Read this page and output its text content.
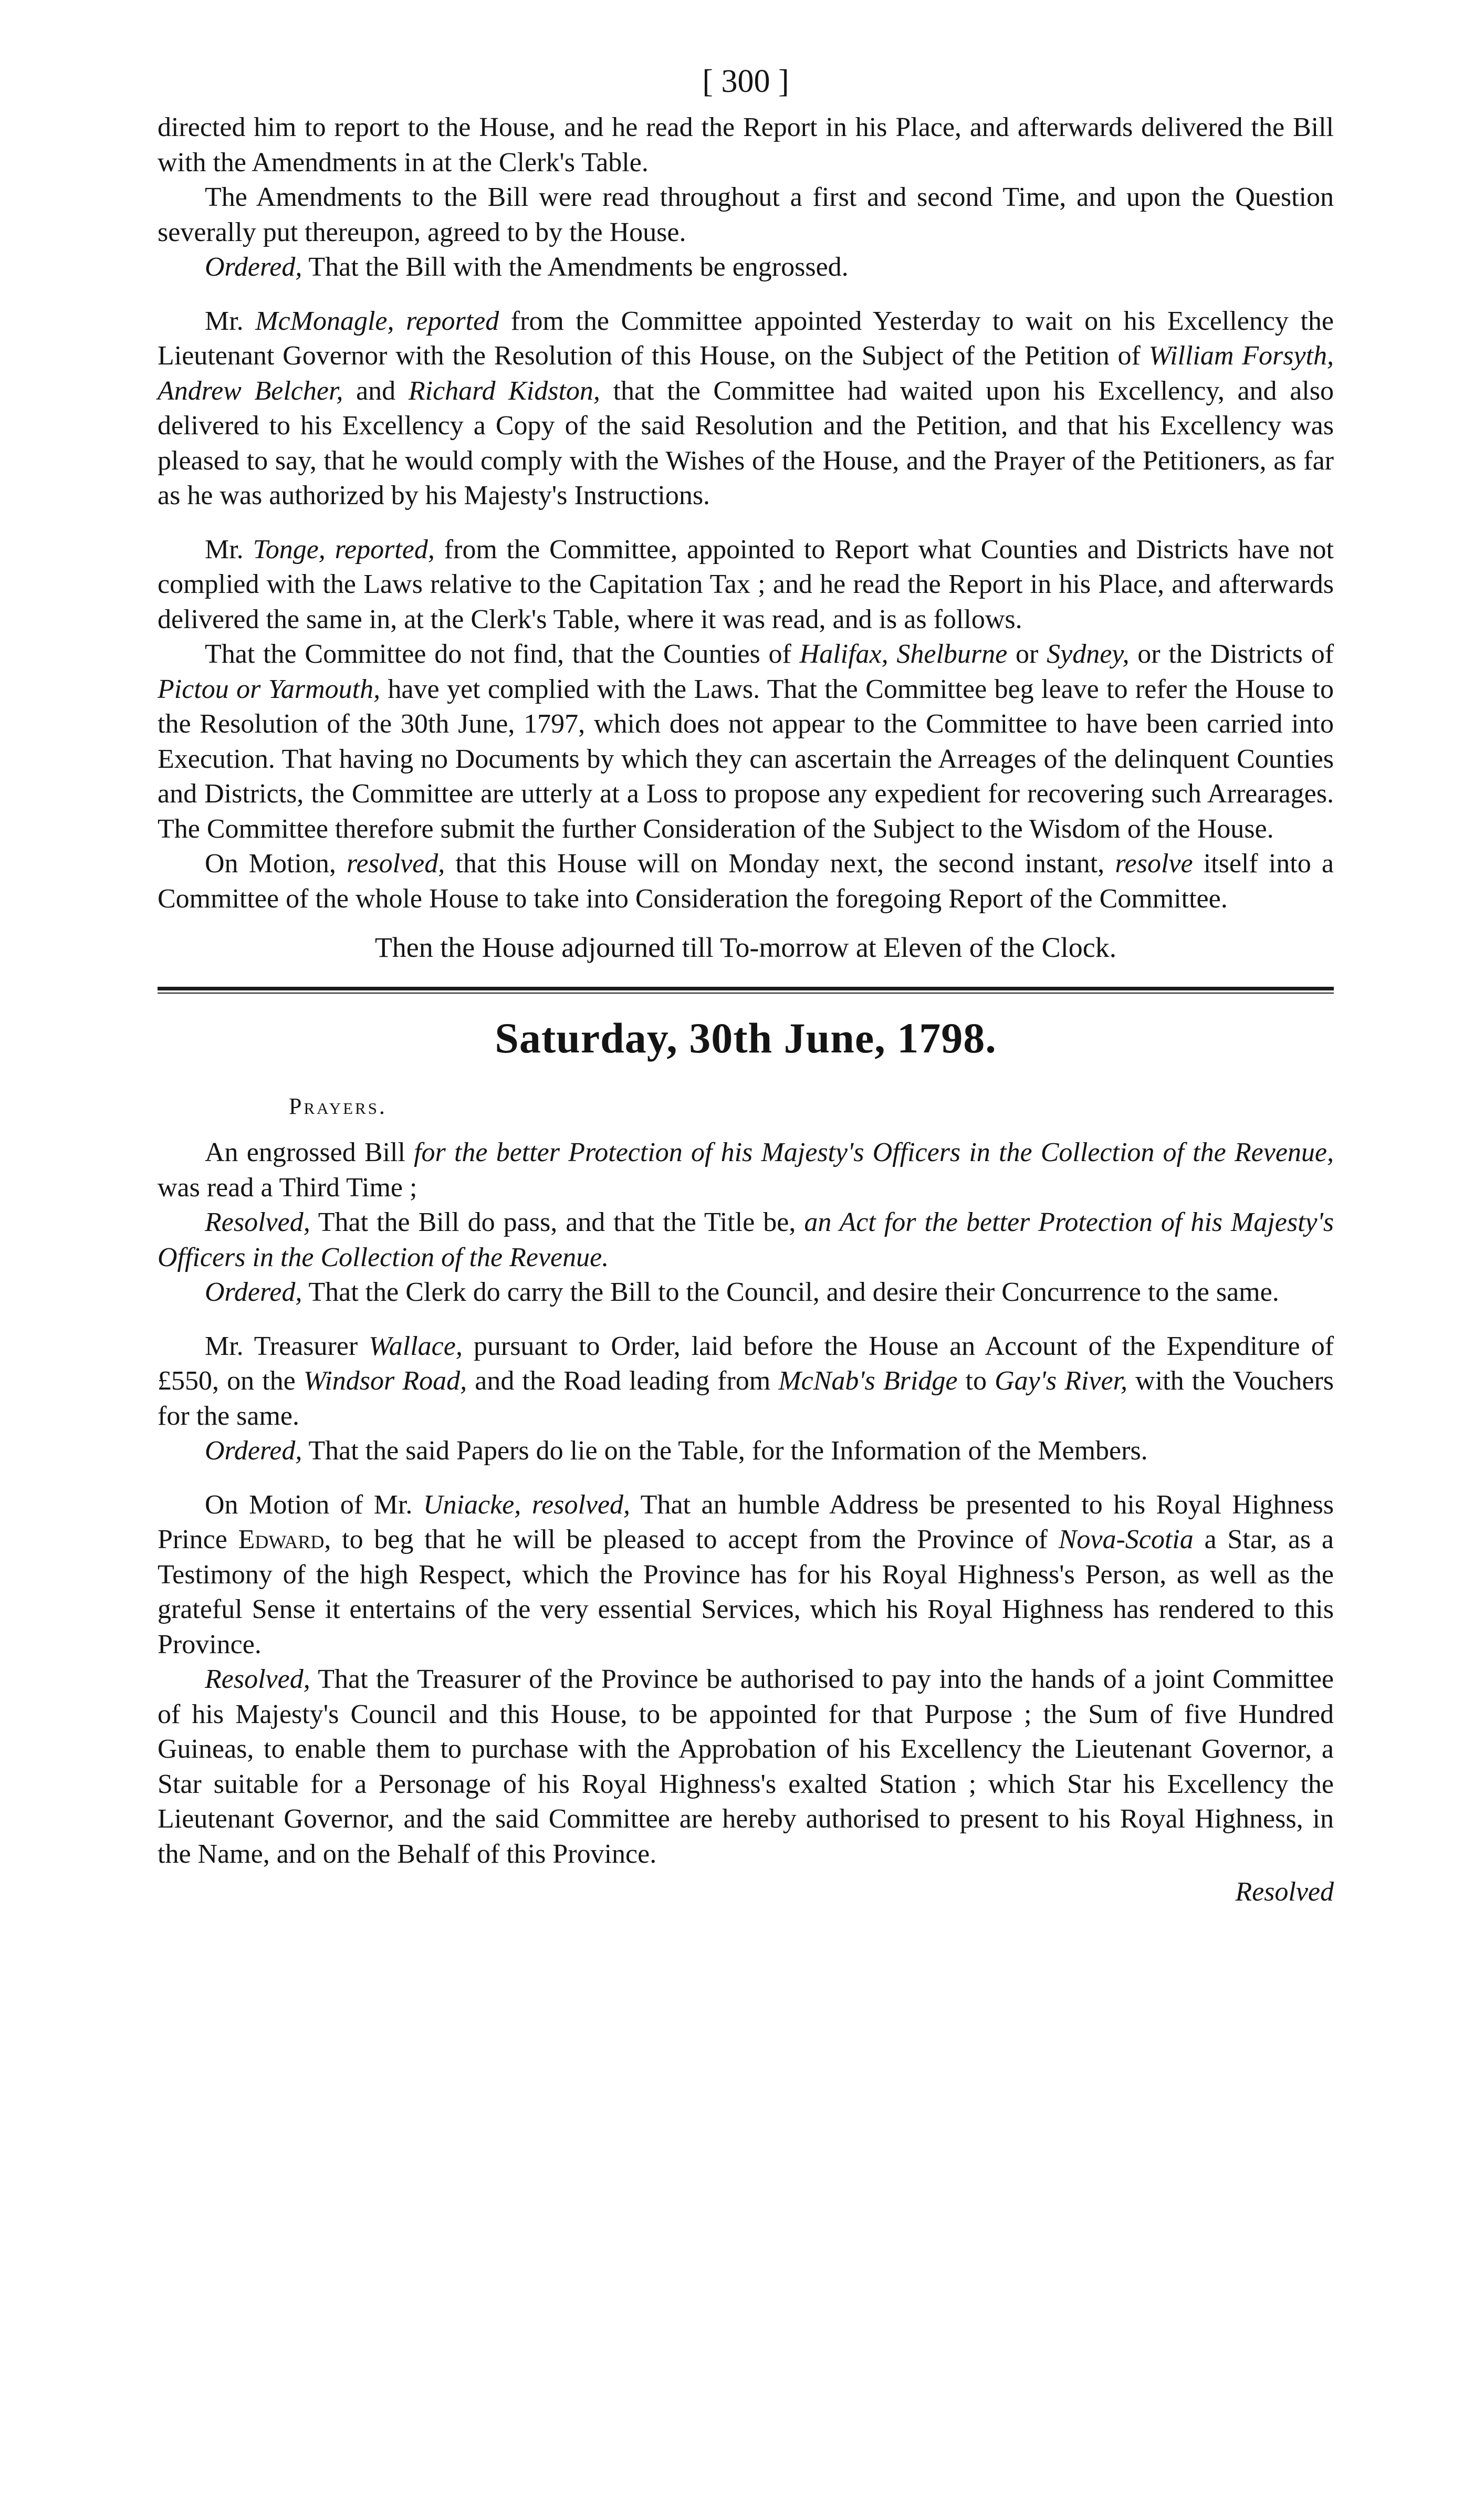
[ 300 ]

directed him to report to the House, and he read the Report in his Place, and afterwards delivered the Bill with the Amendments in at the Clerk's Table.

The Amendments to the Bill were read throughout a first and second Time, and upon the Question severally put thereupon, agreed to by the House.

Ordered, That the Bill with the Amendments be engrossed.

Mr. McMonagle, reported from the Committee appointed Yesterday to wait on his Excellency the Lieutenant Governor with the Resolution of this House, on the Subject of the Petition of William Forsyth, Andrew Belcher, and Richard Kidston, that the Committee had waited upon his Excellency, and also delivered to his Excellency a Copy of the said Resolution and the Petition, and that his Excellency was pleased to say, that he would comply with the Wishes of the House, and the Prayer of the Petitioners, as far as he was authorized by his Majesty's Instructions.

Mr. Tonge, reported, from the Committee, appointed to Report what Counties and Districts have not complied with the Laws relative to the Capitation Tax ; and he read the Report in his Place, and afterwards delivered the same in, at the Clerk's Table, where it was read, and is as follows.

That the Committee do not find, that the Counties of Halifax, Shelburne or Sydney, or the Districts of Pictou or Yarmouth, have yet complied with the Laws. That the Committee beg leave to refer the House to the Resolution of the 30th June, 1797, which does not appear to the Committee to have been carried into Execution. That having no Documents by which they can ascertain the Arreages of the delinquent Counties and Districts, the Committee are utterly at a Loss to propose any expedient for recovering such Arrearages. The Committee therefore submit the further Consideration of the Subject to the Wisdom of the House.

On Motion, resolved, that this House will on Monday next, the second instant, resolve itself into a Committee of the whole House to take into Consideration the foregoing Report of the Committee.

Then the House adjourned till To-morrow at Eleven of the Clock.
Saturday, 30th June, 1798.
Prayers.

An engrossed Bill for the better Protection of his Majesty's Officers in the Collection of the Revenue, was read a Third Time ;

Resolved, That the Bill do pass, and that the Title be, an Act for the better Protection of his Majesty's Officers in the Collection of the Revenue.

Ordered, That the Clerk do carry the Bill to the Council, and desire their Concurrence to the same.

Mr. Treasurer Wallace, pursuant to Order, laid before the House an Account of the Expenditure of £550, on the Windsor Road, and the Road leading from McNab's Bridge to Gay's River, with the Vouchers for the same.

Ordered, That the said Papers do lie on the Table, for the Information of the Members.

On Motion of Mr. Uniacke, resolved, That an humble Address be presented to his Royal Highness Prince Edward, to beg that he will be pleased to accept from the Province of Nova-Scotia a Star, as a Testimony of the high Respect, which the Province has for his Royal Highness's Person, as well as the grateful Sense it entertains of the very essential Services, which his Royal Highness has rendered to this Province.

Resolved, That the Treasurer of the Province be authorised to pay into the hands of a joint Committee of his Majesty's Council and this House, to be appointed for that Purpose ; the Sum of five Hundred Guineas, to enable them to purchase with the Approbation of his Excellency the Lieutenant Governor, a Star suitable for a Personage of his Royal Highness's exalted Station ; which Star his Excellency the Lieutenant Governor, and the said Committee are hereby authorised to present to his Royal Highness, in the Name, and on the Behalf of this Province.

Resolved
